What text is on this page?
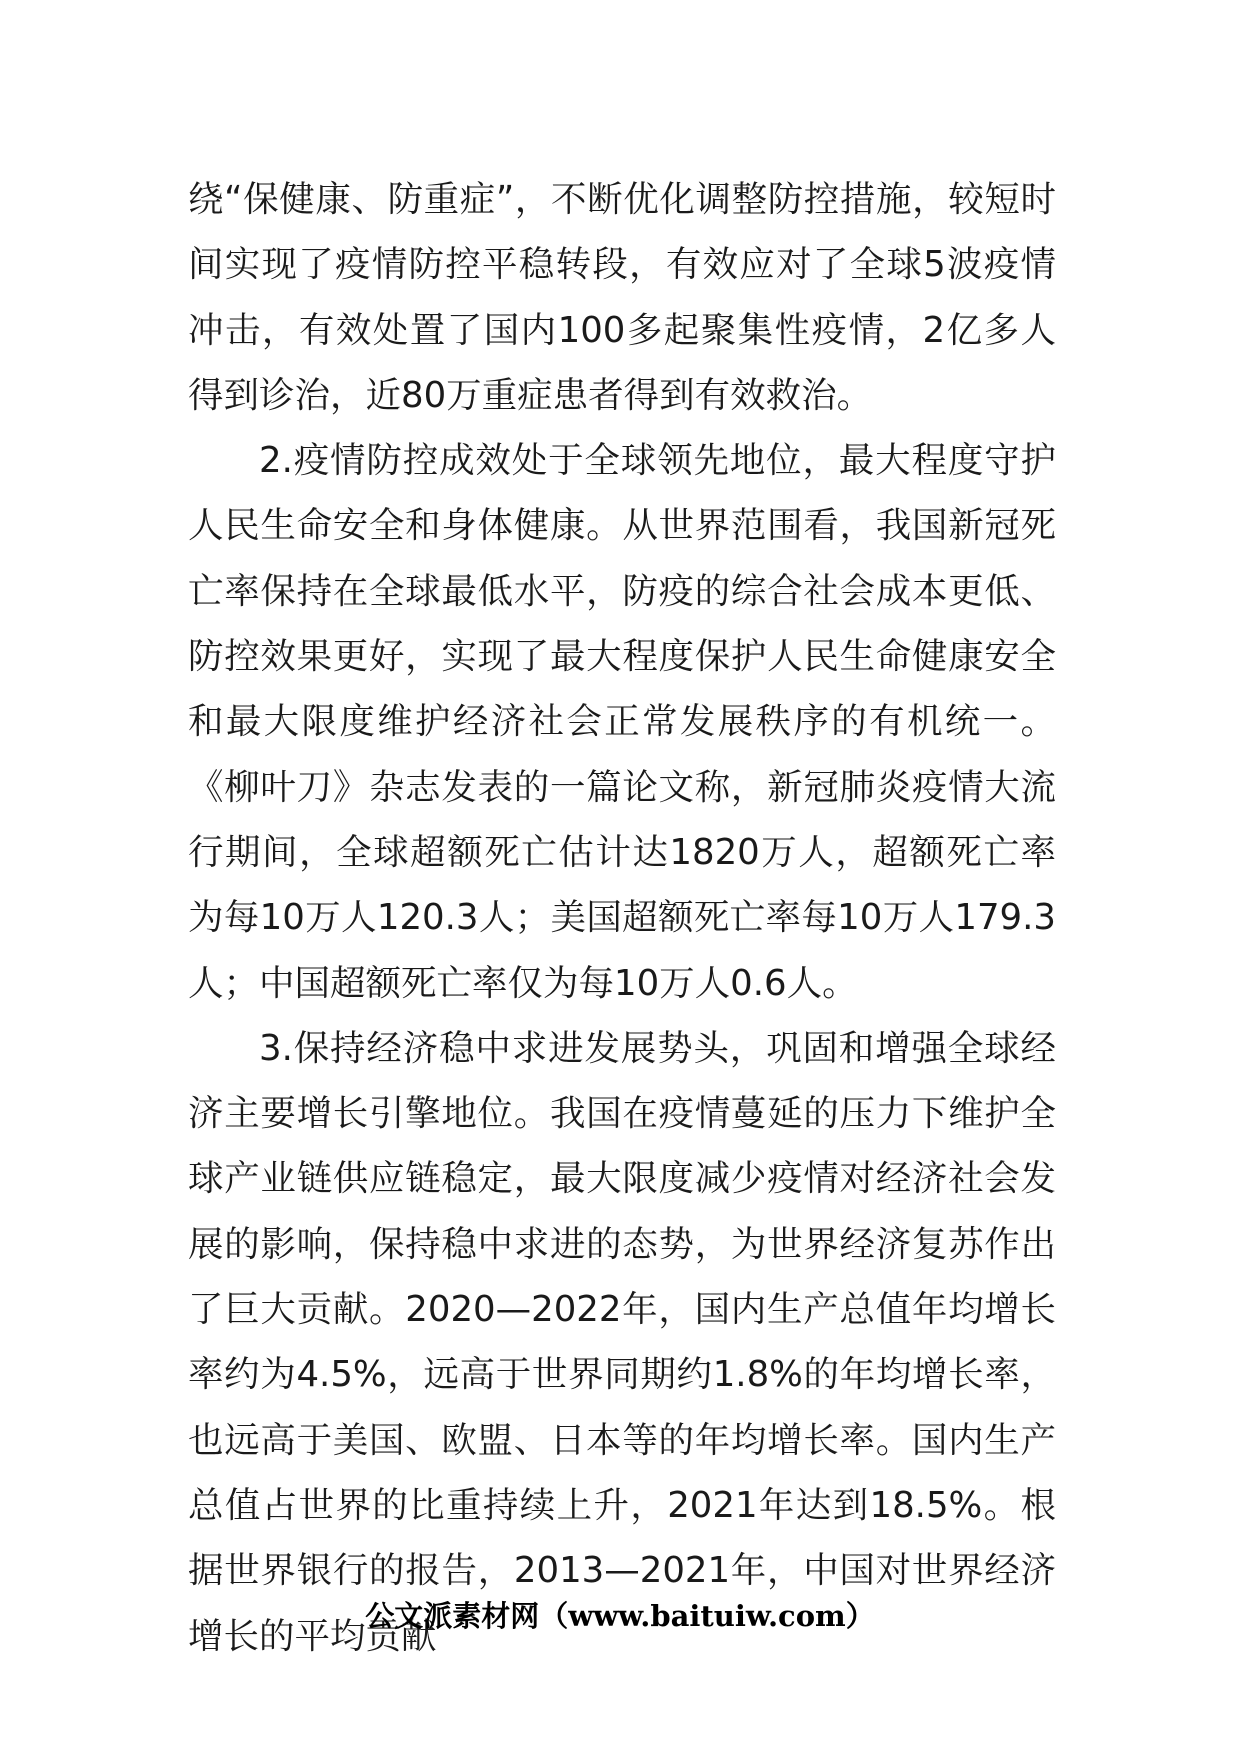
绕“保健康、防重症”，不断优化调整防控措施，较短时间实现了疫情防控平稳转段，有效应对了全球5波疫情冲击，有效处置了国内100多起聚集性疫情，2亿多人得到诊治，近80万重症患者得到有效救治。

2.疫情防控成效处于全球领先地位，最大程度守护人民生命安全和身体健康。从世界范围看，我国新冠死亡率保持在全球最低水平，防疫的综合社会成本更低、防控效果更好，实现了最大程度保护人民生命健康安全和最大限度维护经济社会正常发展秩序的有机统一。《柳叶刀》杂志发表的一篇论文称，新冠肺炎疫情大流行期间，全球超额死亡估计达1820万人，超额死亡率为每10万人120.3人；美国超额死亡率每10万人179.3人；中国超额死亡率仅为每10万人0.6人。

3.保持经济稳中求进发展势头，巩固和增强全球经济主要增长引擎地位。我国在疫情蔓延的压力下维护全球产业链供应链稳定，最大限度减少疫情对经济社会发展的影响，保持稳中求进的态势，为世界经济复苏作出了巨大贡献。2020—2022年，国内生产总值年均增长率约为4.5%，远高于世界同期约1.8%的年均增长率，也远高于美国、欧盟、日本等的年均增长率。国内生产总值占世界的比重持续上升，2021年达到18.5%。根据世界银行的报告，2013—2021年，中国对世界经济增长的平均贡献

公文派素材网（www.baituiw.com）
